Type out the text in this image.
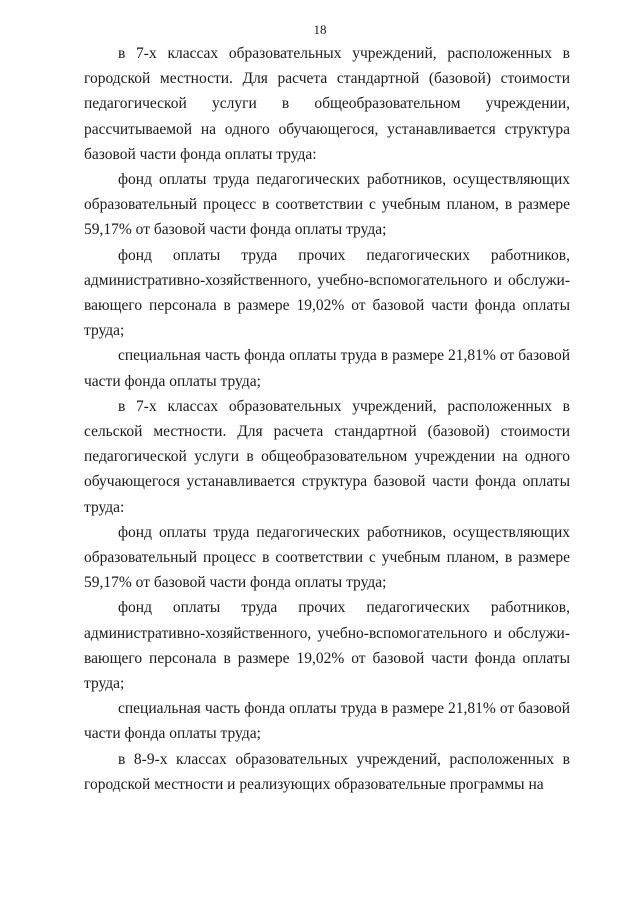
18

в 7-х классах образовательных учреждений, расположенных в городской местности. Для расчета стандартной (базовой) стоимости педагогической услуги в общеобразовательном учреждении, рассчитываемой на одного обучающегося, устанавливается структура базовой части фонда оплаты труда:

фонд оплаты труда педагогических работников, осуществляющих образовательный процесс в соответствии с учебным планом, в размере 59,17% от базовой части фонда оплаты труда;

фонд оплаты труда прочих педагогических работников, административно-хозяйственного, учебно-вспомогательного и обслуживающего персонала в размере 19,02% от базовой части фонда оплаты труда;

специальная часть фонда оплаты труда в размере 21,81% от базовой части фонда оплаты труда;

в 7-х классах образовательных учреждений, расположенных в сельской местности. Для расчета стандартной (базовой) стоимости педагогической услуги в общеобразовательном учреждении на одного обучающегося устанавливается структура базовой части фонда оплаты труда:

фонд оплаты труда педагогических работников, осуществляющих образовательный процесс в соответствии с учебным планом, в размере 59,17% от базовой части фонда оплаты труда;

фонд оплаты труда прочих педагогических работников, административно-хозяйственного, учебно-вспомогательного и обслуживающего персонала в размере 19,02% от базовой части фонда оплаты труда;

специальная часть фонда оплаты труда в размере 21,81% от базовой части фонда оплаты труда;

в 8-9-х классах образовательных учреждений, расположенных в городской местности и реализующих образовательные программы на
